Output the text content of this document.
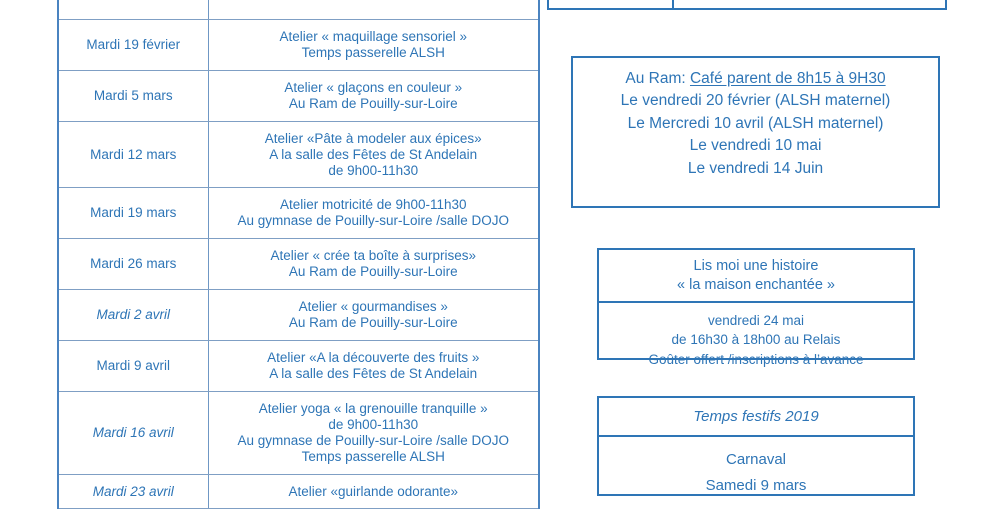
Mardi 19 février	Atelier « maquillage sensoriel »
Temps passerelle ALSH

Mardi 5 mars	Atelier « glaçons en couleur »
Au Ram de Pouilly-sur-Loire

Mardi 12 mars	Atelier «Pâte à modeler aux épices»
A la salle des Fêtes de St Andelain
de 9h00-11h30

Mardi 19 mars	Atelier motricité de 9h00-11h30
Au gymnase de Pouilly-sur-Loire /salle DOJO

Mardi 26 mars	Atelier « crée ta boîte à surprises»
Au Ram de Pouilly-sur-Loire

Mardi 2 avril	Atelier « gourmandises »
Au Ram de Pouilly-sur-Loire

Mardi 9 avril	Atelier «A la découverte des fruits »
A la salle des Fêtes de St Andelain

Mardi 16 avril	Atelier yoga « la grenouille tranquille »
de 9h00-11h30
Au gymnase de Pouilly-sur-Loire /salle DOJO
Temps passerelle ALSH

Mardi 23 avril	Atelier «guirlande odorante»
Au Ram: Café parent de 8h15 à 9H30
Le vendredi 20 février (ALSH maternel)
Le Mercredi 10 avril (ALSH maternel)
Le vendredi 10 mai
Le vendredi 14 Juin
Lis moi une histoire
« la maison enchantée »
vendredi 24 mai
de 16h30 à 18h00 au Relais
Goûter offert /inscriptions à l’avance
Temps festifs 2019
Carnaval
Samedi 9 mars
